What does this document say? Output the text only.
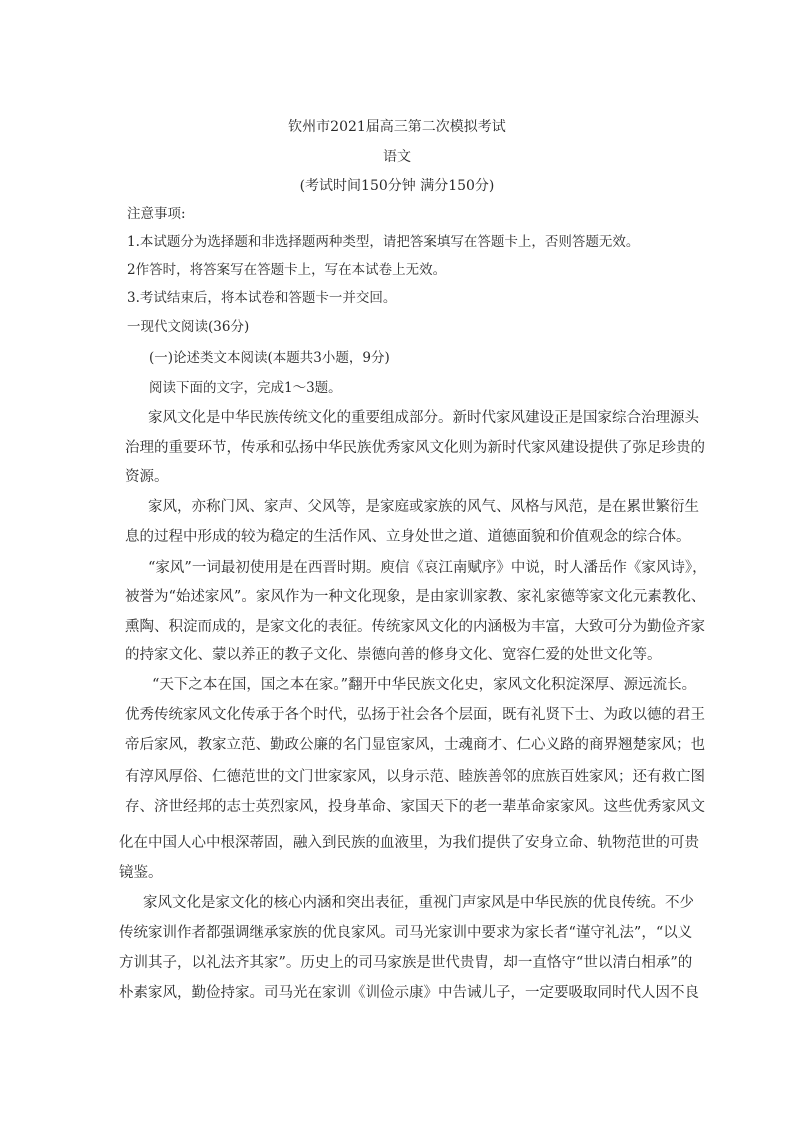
钦州市2021届高三第二次模拟考试
语文
(考试时间150分钟 满分150分)
注意事项:
1.本试题分为选择题和非选择题两种类型，请把答案填写在答题卡上，否则答题无效。
2作答时，将答案写在答题卡上，写在本试卷上无效。
3.考试结束后，将本试卷和答题卡一并交回。
一现代文阅读(36分)
(一)论述类文本阅读(本题共3小题，9分)
阅读下面的文字，完成1～3题。
家风文化是中华民族传统文化的重要组成部分。新时代家风建设正是国家综合治理源头
治理的重要环节，传承和弘扬中华民族优秀家风文化则为新时代家风建设提供了弥足珍贵的
资源。
家风，亦称门风、家声、父风等，是家庭或家族的风气、风格与风范，是在累世繁衍生
息的过程中形成的较为稳定的生活作风、立身处世之道、道德面貌和价值观念的综合体。
“家风”一词最初使用是在西晋时期。庾信《哀江南赋序》中说，时人潘岳作《家风诗》，
被誉为“始述家风”。家风作为一种文化现象，是由家训家教、家礼家德等家文化元素教化、
熏陶、积淀而成的，是家文化的表征。传统家风文化的内涵极为丰富，大致可分为勤俭齐家
的持家文化、蒙以养正的教子文化、崇德向善的修身文化、宽容仁爱的处世文化等。
“天下之本在国，国之本在家。”翻开中华民族文化史，家风文化积淀深厚、源远流长。
优秀传统家风文化传承于各个时代，弘扬于社会各个层面，既有礼贤下士、为政以德的君王
帝后家风，教家立范、勤政公廉的名门显宦家风，士魂商才、仁心义路的商界翘楚家风；也
有淳风厚俗、仁德范世的文门世家家风，以身示范、睦族善邻的庶族百姓家风；还有救亡图
存、济世经邦的志士英烈家风，投身革命、家国天下的老一辈革命家家风。这些优秀家风文
化在中国人心中根深蒂固，融入到民族的血液里，为我们提供了安身立命、轨物范世的可贵
镜鉴。
家风文化是家文化的核心内涵和突出表征，重视门声家风是中华民族的优良传统。不少
传统家训作者都强调继承家族的优良家风。司马光家训中要求为家长者“谨守礼法”，“以义
方训其子，以礼法齐其家”。历史上的司马家族是世代贵胄，却一直恪守“世以清白相承”的
朴素家风，勤俭持家。司马光在家训《训俭示康》中告诫儿子，一定要吸取同时代人因不良
